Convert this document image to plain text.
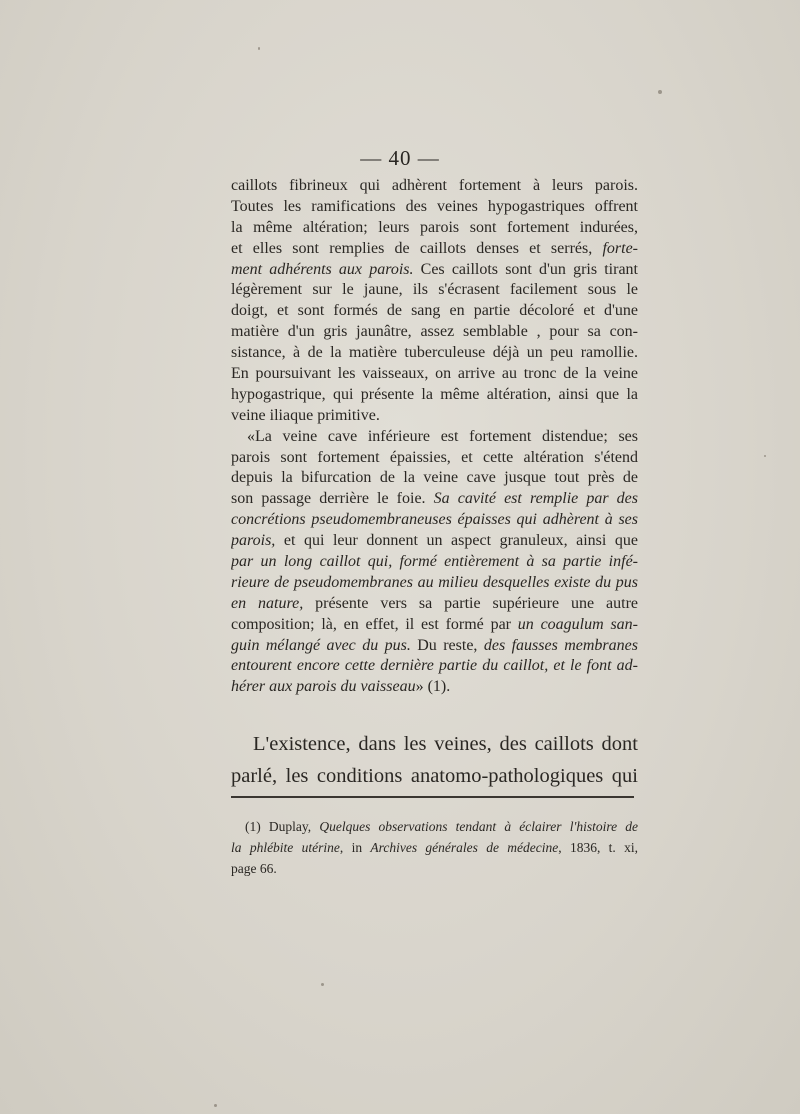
— 40 —
caillots fibrineux qui adhèrent fortement à leurs parois.
Toutes les ramifications des veines hypogastriques offrent
la même altération; leurs parois sont fortement indurées,
et elles sont remplies de caillots denses et serrés, forte-
ment adhérents aux parois. Ces caillots sont d'un gris tirant
légèrement sur le jaune, ils s'écrasent facilement sous le
doigt, et sont formés de sang en partie décoloré et d'une
matière d'un gris jaunâtre, assez semblable , pour sa con-
sistance, à de la matière tuberculeuse déjà un peu ramollie.
En poursuivant les vaisseaux, on arrive au tronc de la veine
hypogastrique, qui présente la même altération, ainsi que la
veine iliaque primitive.
«La veine cave inférieure est fortement distendue; ses
parois sont fortement épaissies, et cette altération s'étend
depuis la bifurcation de la veine cave jusque tout près de
son passage derrière le foie. Sa cavité est remplie par des
concrétions pseudomembraneuses épaisses qui adhèrent à ses
parois, et qui leur donnent un aspect granuleux, ainsi que
par un long caillot qui, formé entièrement à sa partie infé-
rieure de pseudomembranes au milieu desquelles existe du pus
en nature, présente vers sa partie supérieure une autre
composition; là, en effet, il est formé par un coagulum san-
guin mélangé avec du pus. Du reste, des fausses membranes
entourent encore cette dernière partie du caillot, et le font ad-
hérer aux parois du vaisseau» (1).
L'existence, dans les veines, des caillots dont
parlé, les conditions anatomo-pathologiques qui
(1) Duplay, Quelques observations tendant à éclairer l'histoire de
la phlébite utérine, in Archives générales de médecine, 1836, t. xi,
page 66.
